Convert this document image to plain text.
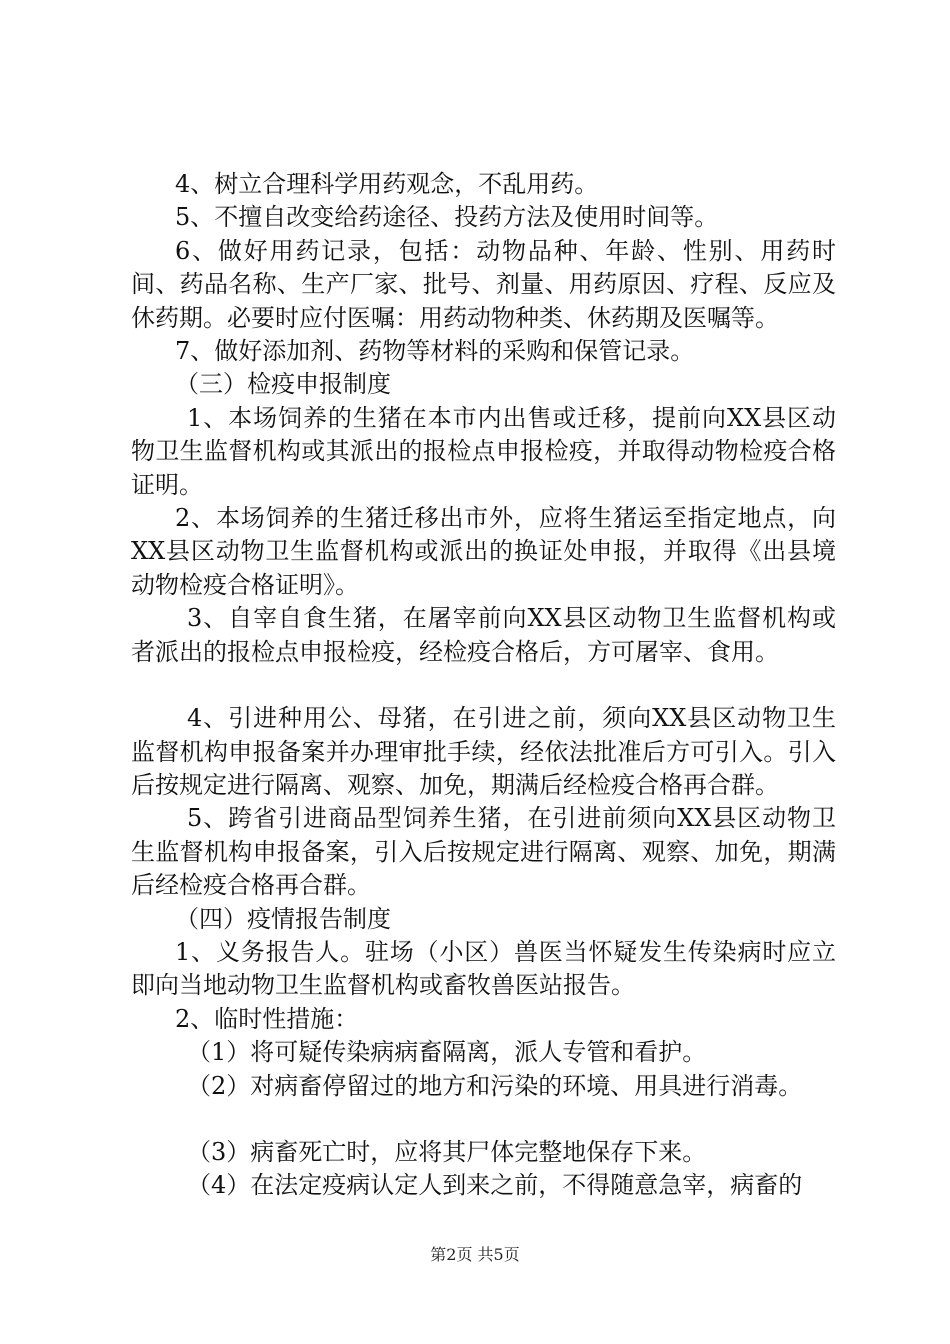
4、树立合理科学用药观念，不乱用药。

5、不擅自改变给药途径、投药方法及使用时间等。

6、做好用药记录，包括：动物品种、年龄、性别、用药时间、药品名称、生产厂家、批号、剂量、用药原因、疗程、反应及休药期。必要时应付医嘱：用药动物种类、休药期及医嘱等。

7、做好添加剂、药物等材料的采购和保管记录。

（三）检疫申报制度

1、本场饲养的生猪在本市内出售或迁移，提前向XX县区动物卫生监督机构或其派出的报检点申报检疫，并取得动物检疫合格证明。

2、本场饲养的生猪迁移出市外，应将生猪运至指定地点，向XX县区动物卫生监督机构或派出的换证处申报，并取得《出县境动物检疫合格证明》。

3、自宰自食生猪，在屠宰前向XX县区动物卫生监督机构或者派出的报检点申报检疫，经检疫合格后，方可屠宰、食用。

4、引进种用公、母猪，在引进之前，须向XX县区动物卫生监督机构申报备案并办理审批手续，经依法批准后方可引入。引入后按规定进行隔离、观察、加免，期满后经检疫合格再合群。

5、跨省引进商品型饲养生猪，在引进前须向XX县区动物卫生监督机构申报备案，引入后按规定进行隔离、观察、加免，期满后经检疫合格再合群。

（四）疫情报告制度

1、义务报告人。驻场（小区）兽医当怀疑发生传染病时应立即向当地动物卫生监督机构或畜牧兽医站报告。

2、临时性措施：

（1）将可疑传染病病畜隔离，派人专管和看护。

（2）对病畜停留过的地方和污染的环境、用具进行消毒。

（3）病畜死亡时，应将其尸体完整地保存下来。

（4）在法定疫病认定人到来之前，不得随意急宰，病畜的

第2页 共5页
